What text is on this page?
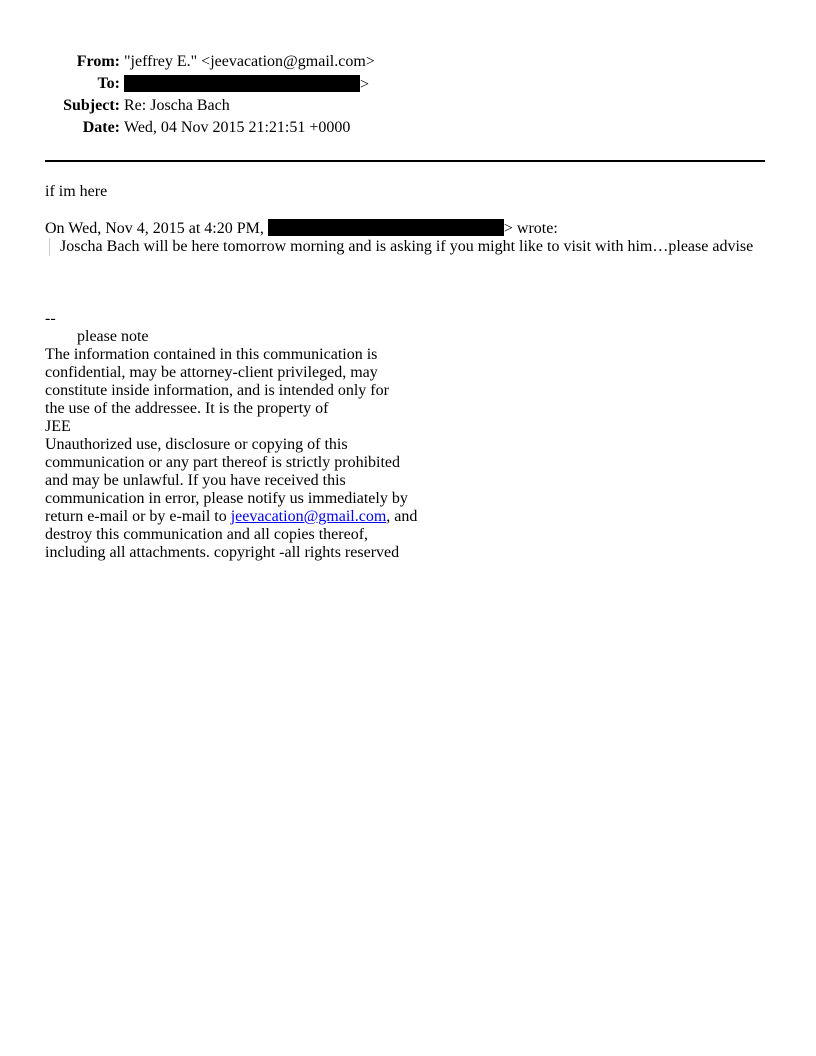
From: "jeffrey E." <jeevacation@gmail.com>
To:	>
Subject: Re: Joscha Bach
Date: Wed, 04 Nov 2015 21:21:51 +0000
if im here
On Wed, Nov 4, 2015 at 4:20 PM,	> wrote:
Joscha Bach will be here tomorrow morning and is asking if you might like to visit with him…please advise
--
please note
The information contained in this communication is
confidential, may be attorney-client privileged, may
constitute inside information, and is intended only for
the use of the addressee. It is the property of
JEE
Unauthorized use, disclosure or copying of this
communication or any part thereof is strictly prohibited
and may be unlawful. If you have received this
communication in error, please notify us immediately by
return e-mail or by e-mail to jeevacation@gmail.com, and
destroy this communication and all copies thereof,
including all attachments. copyright -all rights reserved
